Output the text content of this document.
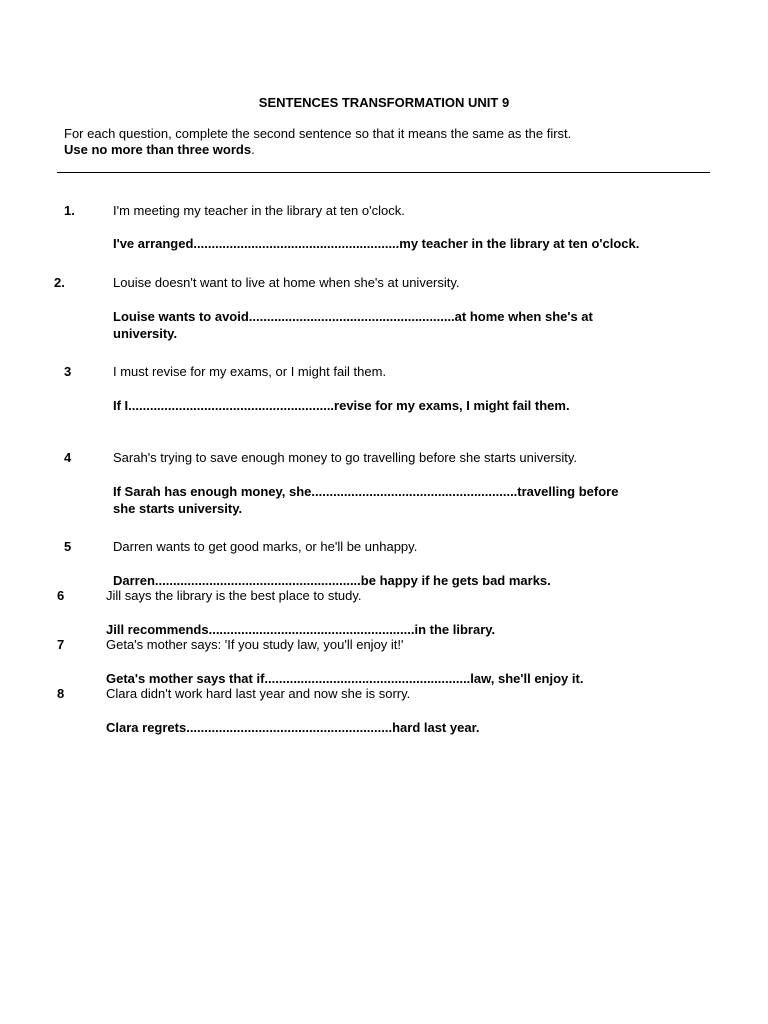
SENTENCES TRANSFORMATION UNIT 9
For each question, complete the second sentence so that it means the same as the first.
Use no more than three words.
1.	I'm meeting my teacher in the library at ten o'clock.
I've arranged.........................................................my teacher in the library at ten o'clock.
2.	Louise doesn't want to live at home when she's at university.
Louise wants to avoid.........................................................at home when she's at
university.
3	I must revise for my exams, or I might fail them.
If I.........................................................revise for my exams, I might fail them.
4	Sarah's trying to save enough money to go travelling before she starts university.
If Sarah has enough money, she.........................................................travelling before
she starts university.
5	Darren wants to get good marks, or he'll be unhappy.
Darren.........................................................be happy if he gets bad marks.
6	Jill says the library is the best place to study.
Jill recommends.........................................................in the library.
7	Geta's mother says: 'If you study law, you'll enjoy it!'
Geta's mother says that if.........................................................law, she'll enjoy it.
8	Clara didn't work hard last year and now she is sorry.
Clara regrets.........................................................hard last year.
